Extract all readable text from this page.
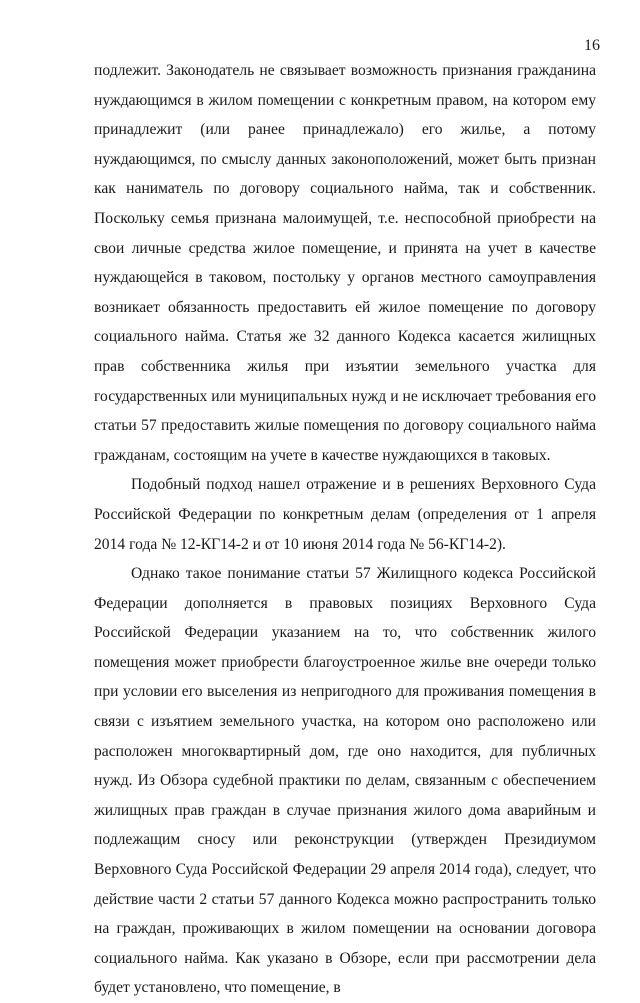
16

подлежит. Законодатель не связывает возможность признания гражданина нуждающимся в жилом помещении с конкретным правом, на котором ему принадлежит (или ранее принадлежало) его жилье, а потому нуждающимся, по смыслу данных законоположений, может быть признан как наниматель по договору социального найма, так и собственник. Поскольку семья признана малоимущей, т.е. неспособной приобрести на свои личные средства жилое помещение, и принята на учет в качестве нуждающейся в таковом, постольку у органов местного самоуправления возникает обязанность предоставить ей жилое помещение по договору социального найма. Статья же 32 данного Кодекса касается жилищных прав собственника жилья при изъятии земельного участка для государственных или муниципальных нужд и не исключает требования его статьи 57 предоставить жилые помещения по договору социального найма гражданам, состоящим на учете в качестве нуждающихся в таковых.

Подобный подход нашел отражение и в решениях Верховного Суда Российской Федерации по конкретным делам (определения от 1 апреля 2014 года № 12-КГ14-2 и от 10 июня 2014 года № 56-КГ14-2).

Однако такое понимание статьи 57 Жилищного кодекса Российской Федерации дополняется в правовых позициях Верховного Суда Российской Федерации указанием на то, что собственник жилого помещения может приобрести благоустроенное жилье вне очереди только при условии его выселения из непригодного для проживания помещения в связи с изъятием земельного участка, на котором оно расположено или расположен многоквартирный дом, где оно находится, для публичных нужд. Из Обзора судебной практики по делам, связанным с обеспечением жилищных прав граждан в случае признания жилого дома аварийным и подлежащим сносу или реконструкции (утвержден Президиумом Верховного Суда Российской Федерации 29 апреля 2014 года), следует, что действие части 2 статьи 57 данного Кодекса можно распространить только на граждан, проживающих в жилом помещении на основании договора социального найма. Как указано в Обзоре, если при рассмотрении дела будет установлено, что помещение, в
